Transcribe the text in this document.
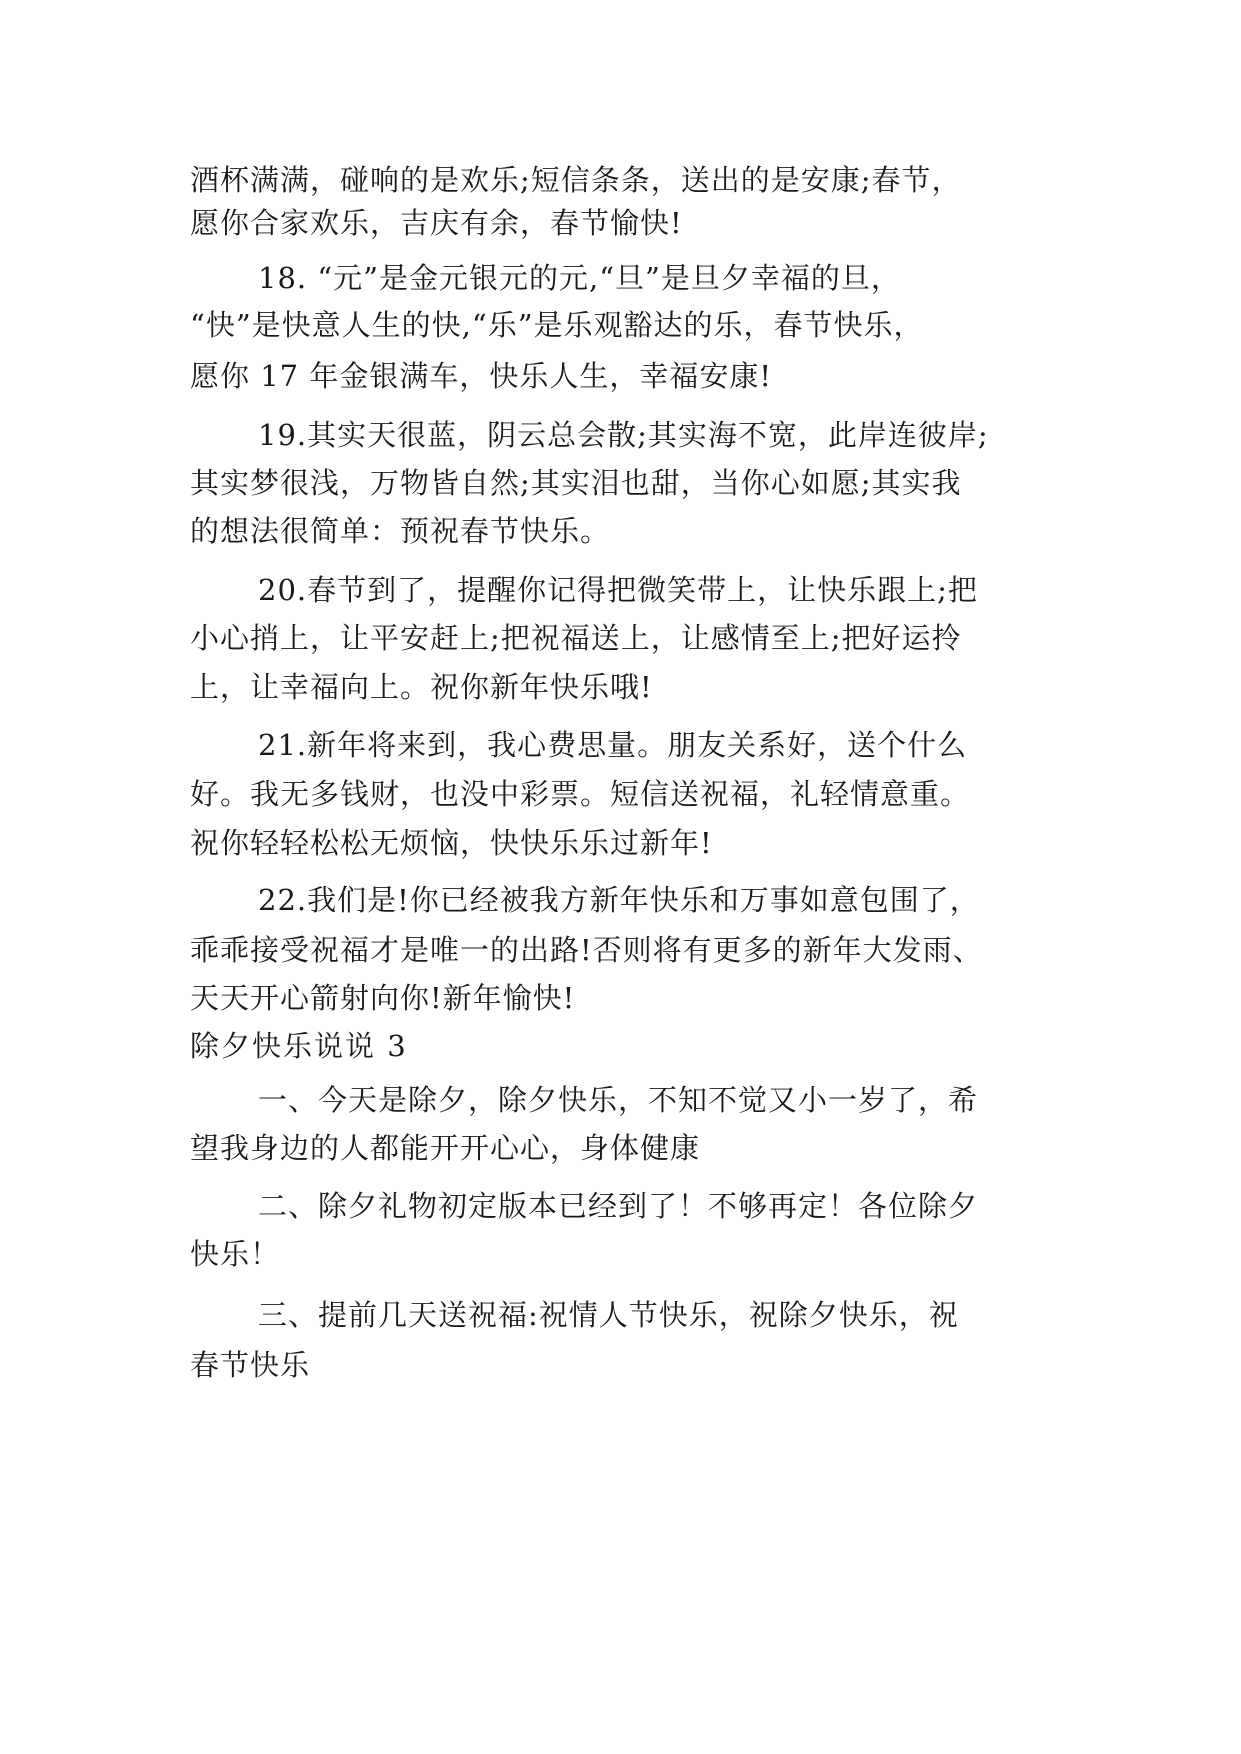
酒杯满满，碰响的是欢乐;短信条条，送出的是安康;春节，
愿你合家欢乐，吉庆有余，春节愉快!
18. “元”是金元银元的元,“旦”是旦夕幸福的旦，
“快”是快意人生的快,“乐”是乐观豁达的乐，春节快乐，
愿你 17 年金银满车，快乐人生，幸福安康!
19.其实天很蓝，阴云总会散;其实海不宽，此岸连彼岸;
其实梦很浅，万物皆自然;其实泪也甜，当你心如愿;其实我
的想法很简单：预祝春节快乐。
20.春节到了，提醒你记得把微笑带上，让快乐跟上;把
小心捎上，让平安赶上;把祝福送上，让感情至上;把好运拎
上，让幸福向上。祝你新年快乐哦!
21.新年将来到，我心费思量。朋友关系好，送个什么
好。我无多钱财，也没中彩票。短信送祝福，礼轻情意重。
祝你轻轻松松无烦恼，快快乐乐过新年!
22.我们是!你已经被我方新年快乐和万事如意包围了，
乖乖接受祝福才是唯一的出路!否则将有更多的新年大发雨、
天天开心箭射向你!新年愉快!
除夕快乐说说 3
一、今天是除夕，除夕快乐，不知不觉又小一岁了，希
望我身边的人都能开开心心，身体健康
二、除夕礼物初定版本已经到了！不够再定！各位除夕
快乐！
三、提前几天送祝福:祝情人节快乐，祝除夕快乐，祝
春节快乐
